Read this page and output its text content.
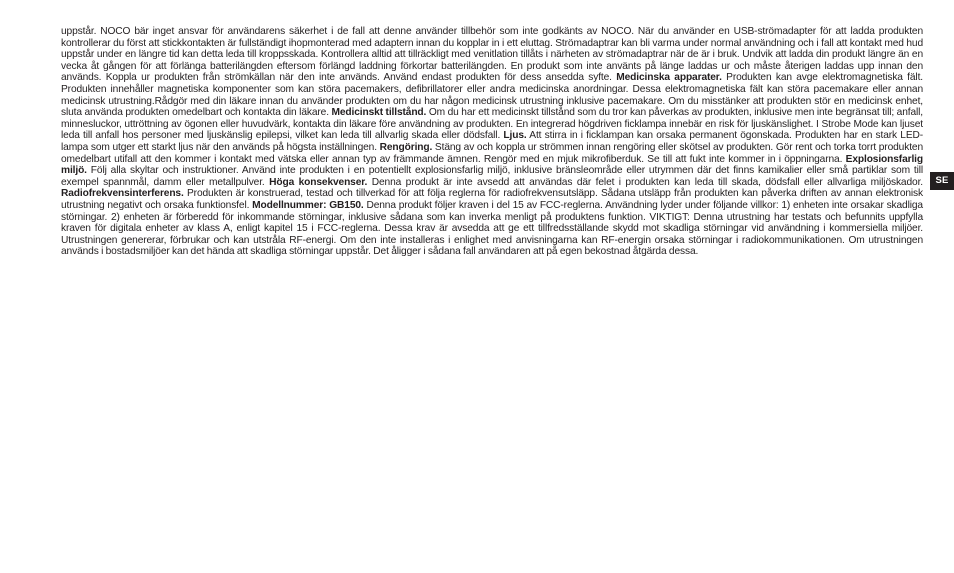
uppstår. NOCO bär inget ansvar för användarens säkerhet i de fall att denne använder tillbehör som inte godkänts av NOCO. När du använder en USB-strömadapter för att ladda produkten kontrollerar du först att stickkontakten är fullständigt ihopmonterad med adaptern innan du kopplar in i ett eluttag. Strömadaptrar kan bli varma under normal användning och i fall att kontakt med hud uppstår under en längre tid kan detta leda till kroppsskada. Kontrollera alltid att tillräckligt med venitlation tillåts i närheten av strömadaptrar när de är i bruk. Undvik att ladda din produkt längre än en vecka åt gången för att förlänga batterilängden eftersom förlängd laddning förkortar batterilängden. En produkt som inte använts på länge laddas ur och måste återigen laddas upp innan den används. Koppla ur produkten från strömkällan när den inte används. Använd endast produkten för dess ansedda syfte. Medicinska apparater. Produkten kan avge elektromagnetiska fält. Produkten innehåller magnetiska komponenter som kan störa pacemakers, defibrillatorer eller andra medicinska anordningar. Dessa elektromagnetiska fält kan störa pacemakare eller annan medicinsk utrustning.Rådgör med din läkare innan du använder produkten om du har någon medicinsk utrustning inklusive pacemakare. Om du misstänker att produkten stör en medicinsk enhet, sluta använda produkten omedelbart och kontakta din läkare. Medicinskt tillstånd. Om du har ett medicinskt tillstånd som du tror kan påverkas av produkten, inklusive men inte begränsat till; anfall, minnesluckor, uttröttning av ögonen eller huvudvärk, kontakta din läkare före användning av produkten. En integrerad högdriven ficklampa innebär en risk för ljuskänslighet. I Strobe Mode kan ljuset leda till anfall hos personer med ljuskänslig epilepsi, vilket kan leda till allvarlig skada eller dödsfall. Ljus. Att stirra in i ficklampan kan orsaka permanent ögonskada. Produkten har en stark LED-lampa som utger ett starkt ljus när den används på högsta inställningen. Rengöring. Stäng av och koppla ur strömmen innan rengöring eller skötsel av produkten. Gör rent och torka torrt produkten omedelbart utifall att den kommer i kontakt med vätska eller annan typ av främmande ämnen. Rengör med en mjuk mikrofiberduk. Se till att fukt inte kommer in i öppningarna. Explosionsfarlig miljö. Följ alla skyltar och instruktioner. Använd inte produkten i en potentiellt explosionsfarlig miljö, inklusive bränsleområde eller utrymmen där det finns kamikalier eller små partiklar som till exempel spannmål, damm eller metallpulver. Höga konsekvenser. Denna produkt är inte avsedd att användas där felet i produkten kan leda till skada, dödsfall eller allvarliga miljöskador. Radiofrekvensinterferens. Produkten är konstruerad, testad och tillverkad för att följa reglerna för radiofrekvensutsläpp. Sådana utsläpp från produkten kan påverka driften av annan elektronisk utrustning negativt och orsaka funktionsfel. Modellnummer: GB150. Denna produkt följer kraven i del 15 av FCC-reglerna. Användning lyder under följande villkor: 1) enheten inte orsakar skadliga störningar. 2) enheten är förberedd för inkommande störningar, inklusive sådana som kan inverka menligt på produktens funktion. VIKTIGT: Denna utrustning har testats och befunnits uppfylla kraven för digitala enheter av klass A, enligt kapitel 15 i FCC-reglerna. Dessa krav är avsedda att ge ett tillfredsställande skydd mot skadliga störningar vid användning i kommersiella miljöer. Utrustningen genererar, förbrukar och kan utstråla RF-energi. Om den inte installeras i enlighet med anvisningarna kan RF-energin orsaka störningar i radiokommunikationen. Om utrustningen används i bostadsmiljöer kan det hända att skadliga störningar uppstår. Det åligger i sådana fall användaren att på egen bekostnad åtgärda dessa.

SE
